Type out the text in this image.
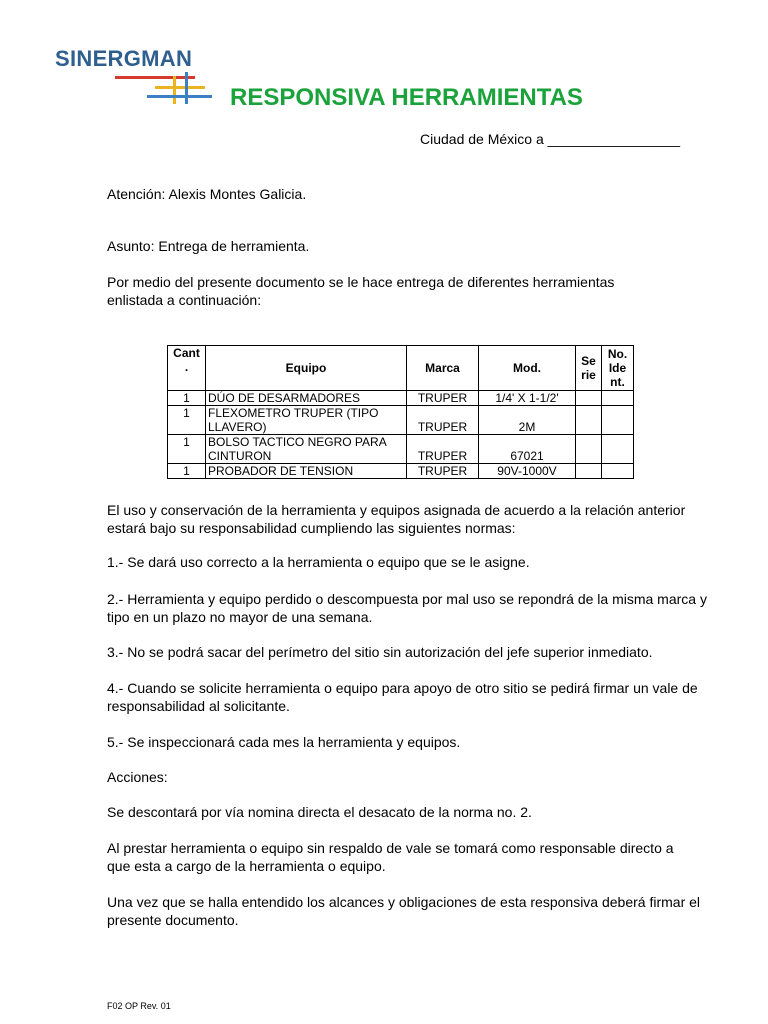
SINERGMAN
RESPONSIVA HERRAMIENTAS
Ciudad de México a _________________
Atención: Alexis Montes Galicia.
Asunto: Entrega de herramienta.
Por medio del presente documento se le hace entrega de diferentes herramientas enlistada a continuación:
Cant .	Equipo	Marca	Mod.	Se rie	No. Ide nt.
1	DÚO DE DESARMADORES	TRUPER	1/4' X 1-1/2'		
1	FLEXOMETRO TRUPER (TIPO LLAVERO)	TRUPER	2M		
1	BOLSO TACTICO NEGRO PARA CINTURON	TRUPER	67021		
1	PROBADOR DE TENSION	TRUPER	90V-1000V		
El uso y conservación de la herramienta y equipos asignada de acuerdo a la relación anterior estará bajo su responsabilidad cumpliendo las siguientes normas:
1.- Se dará uso correcto a la herramienta o equipo que se le asigne.
2.- Herramienta y equipo perdido o descompuesta por mal uso se repondrá de la misma marca y tipo en un plazo no mayor de una semana.
3.- No se podrá sacar del perímetro del sitio sin autorización del jefe superior inmediato.
4.- Cuando se solicite herramienta o equipo para apoyo de otro sitio se pedirá firmar un vale de responsabilidad al solicitante.
5.- Se inspeccionará cada mes la herramienta y equipos.
Acciones:
Se descontará por vía nomina directa el desacato de la norma no. 2.
Al prestar herramienta o equipo sin respaldo de vale se tomará como responsable directo a que esta a cargo de la herramienta o equipo.
Una vez que se halla entendido los alcances y obligaciones de esta responsiva deberá firmar el presente documento.
F02 OP Rev. 01
